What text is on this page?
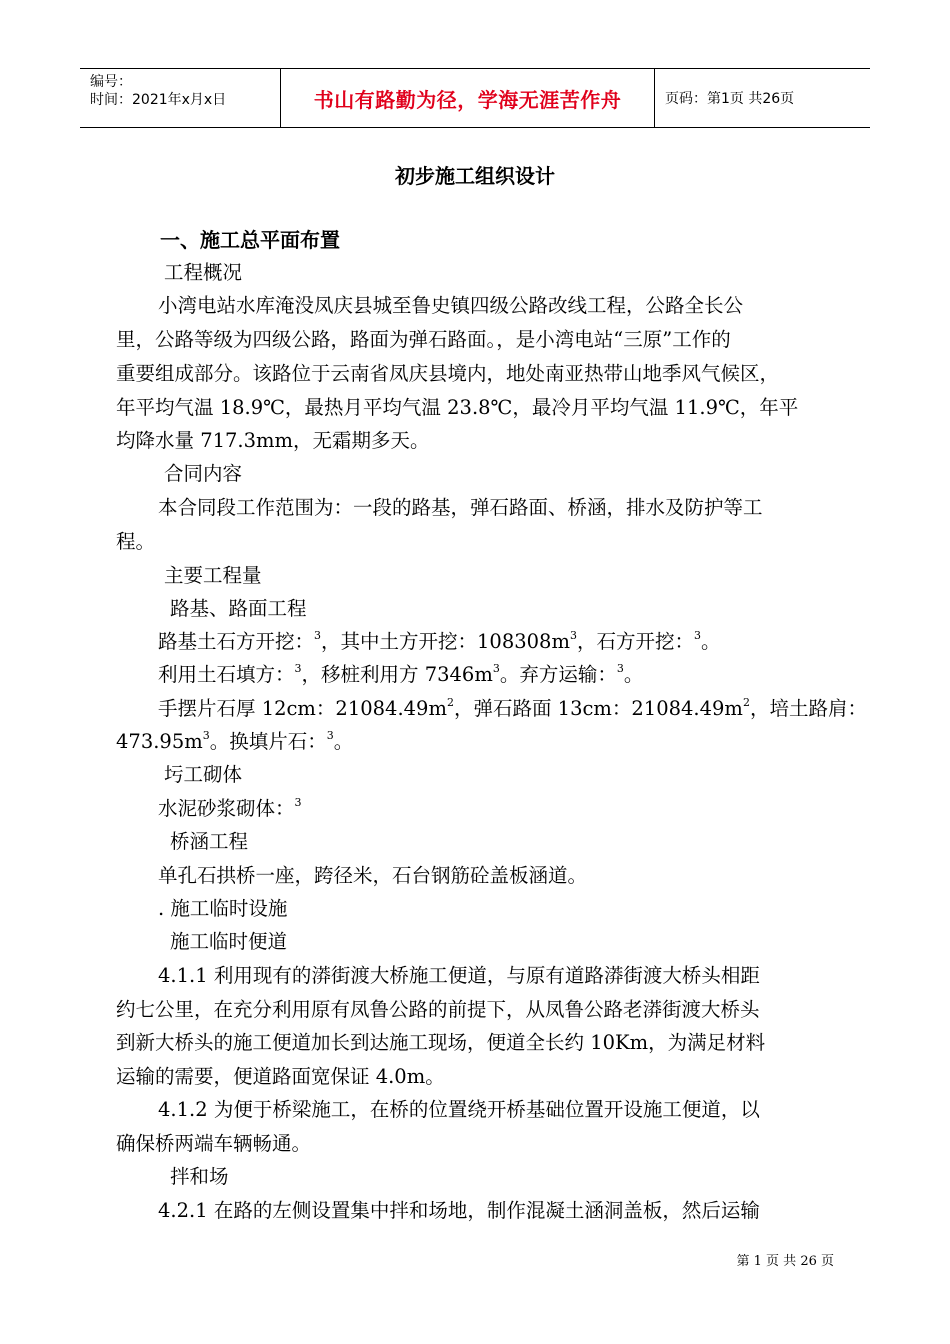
编号：
时间：2021年x月x日	书山有路勤为径，学海无涯苦作舟	页码：第1页 共26页
初步施工组织设计
一、施工总平面布置
工程概况
小湾电站水库淹没凤庆县城至鲁史镇四级公路改线工程，公路全长公
里，公路等级为四级公路，路面为弹石路面。，是小湾电站“三原”工作的
重要组成部分。该路位于云南省凤庆县境内，地处南亚热带山地季风气候区，
年平均气温 18.9℃，最热月平均气温 23.8℃，最冷月平均气温 11.9℃，年平
均降水量 717.3mm，无霜期多天。
合同内容
本合同段工作范围为：一段的路基，弹石路面、桥涵，排水及防护等工
程。
主要工程量
路基、路面工程
路基土石方开挖：$^3$，其中土方开挖：$108308m^3$，石方开挖：$^3$。
利用土石填方：$^3$，移桩利用方 $7346m^3$。弃方运输：$^3$。
手摆片石厚 12cm：$21084.49m^2$，弹石路面 13cm：$21084.49m^2$，培土路肩：
$473.95m^3$。换填片石：$^3$。
圬工砌体
水泥砂浆砌体：$^3$
桥涵工程
单孔石拱桥一座，跨径米，石台钢筋砼盖板涵道。
. 施工临时设施
施工临时便道
4.1.1 利用现有的漭街渡大桥施工便道，与原有道路漭街渡大桥头相距
约七公里，在充分利用原有凤鲁公路的前提下，从凤鲁公路老漭街渡大桥头
到新大桥头的施工便道加长到达施工现场，便道全长约 10Km，为满足材料
运输的需要，便道路面宽保证 4.0m。
4.1.2 为便于桥梁施工，在桥的位置绕开桥基础位置开设施工便道，以
确保桥两端车辆畅通。
拌和场
4.2.1 在路的左侧设置集中拌和场地，制作混凝土涵洞盖板，然后运输
第 1 页 共 26 页
